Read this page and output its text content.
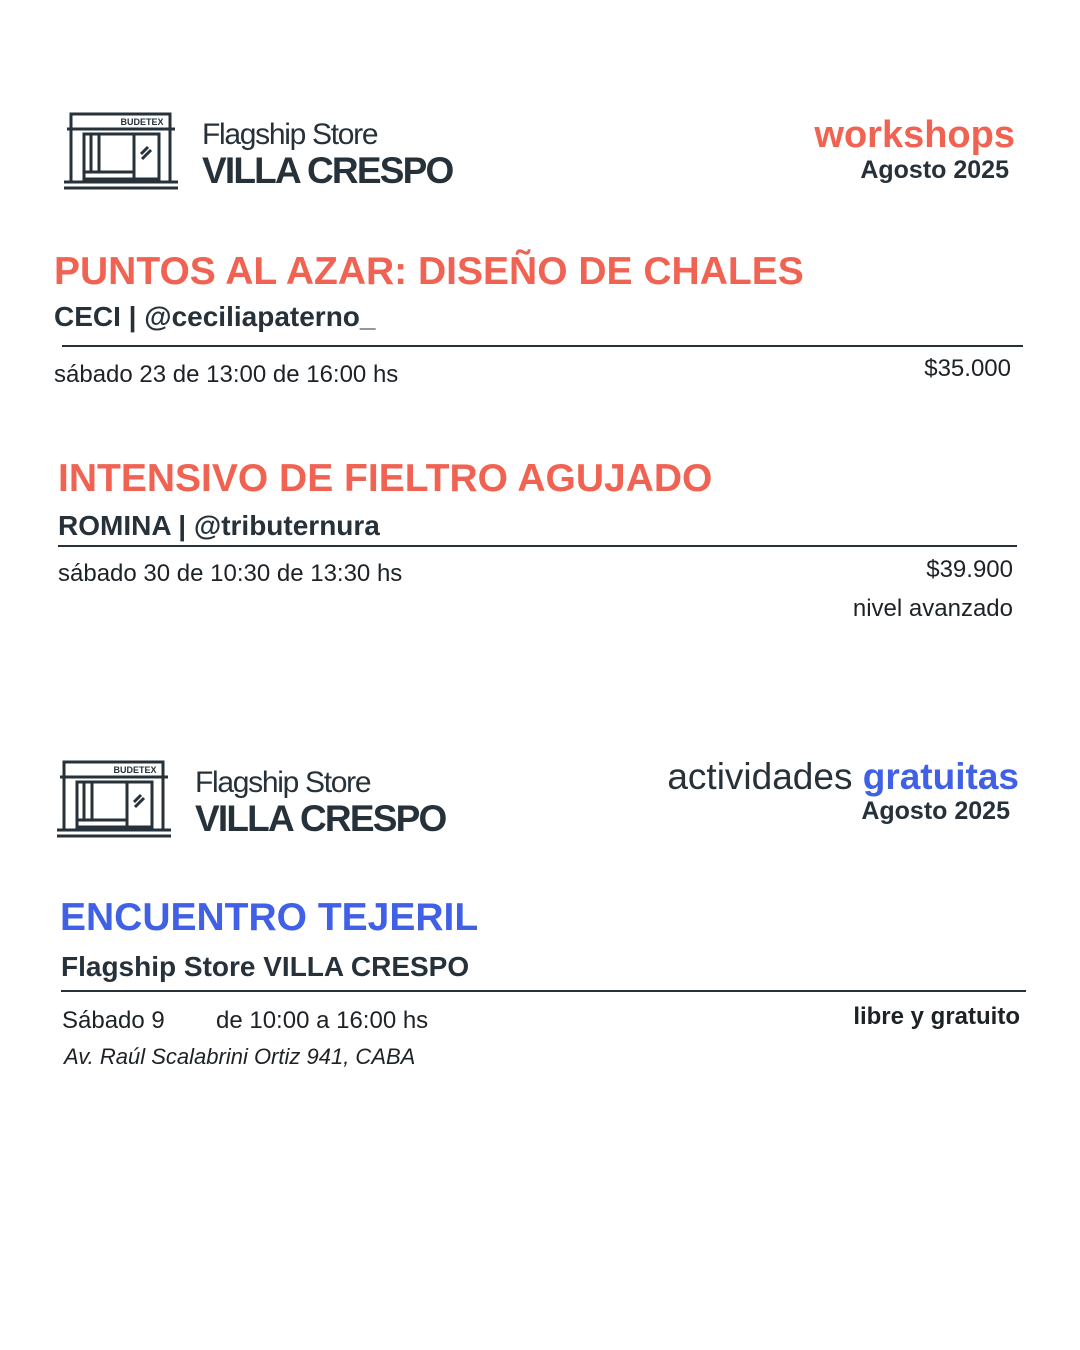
BUDETEX Flagship Store
VILLA CRESPO
workshops
Agosto 2025
PUNTOS AL AZAR: DISEÑO DE CHALES
CECI | @ceciliapaterno_
sábado 23 de 13:00 de 16:00 hs	$35.000
INTENSIVO DE FIELTRO AGUJADO
ROMINA | @tributernura
sábado 30 de 10:30 de 13:30 hs	$39.900
nivel avanzado
BUDETEX Flagship Store
VILLA CRESPO
actividades gratuitas
Agosto 2025
ENCUENTRO TEJERIL
Flagship Store VILLA CRESPO
Sábado 9 de 10:00 a 16:00 hs
Av. Raúl Scalabrini Ortiz 941, CABA
libre y gratuito
